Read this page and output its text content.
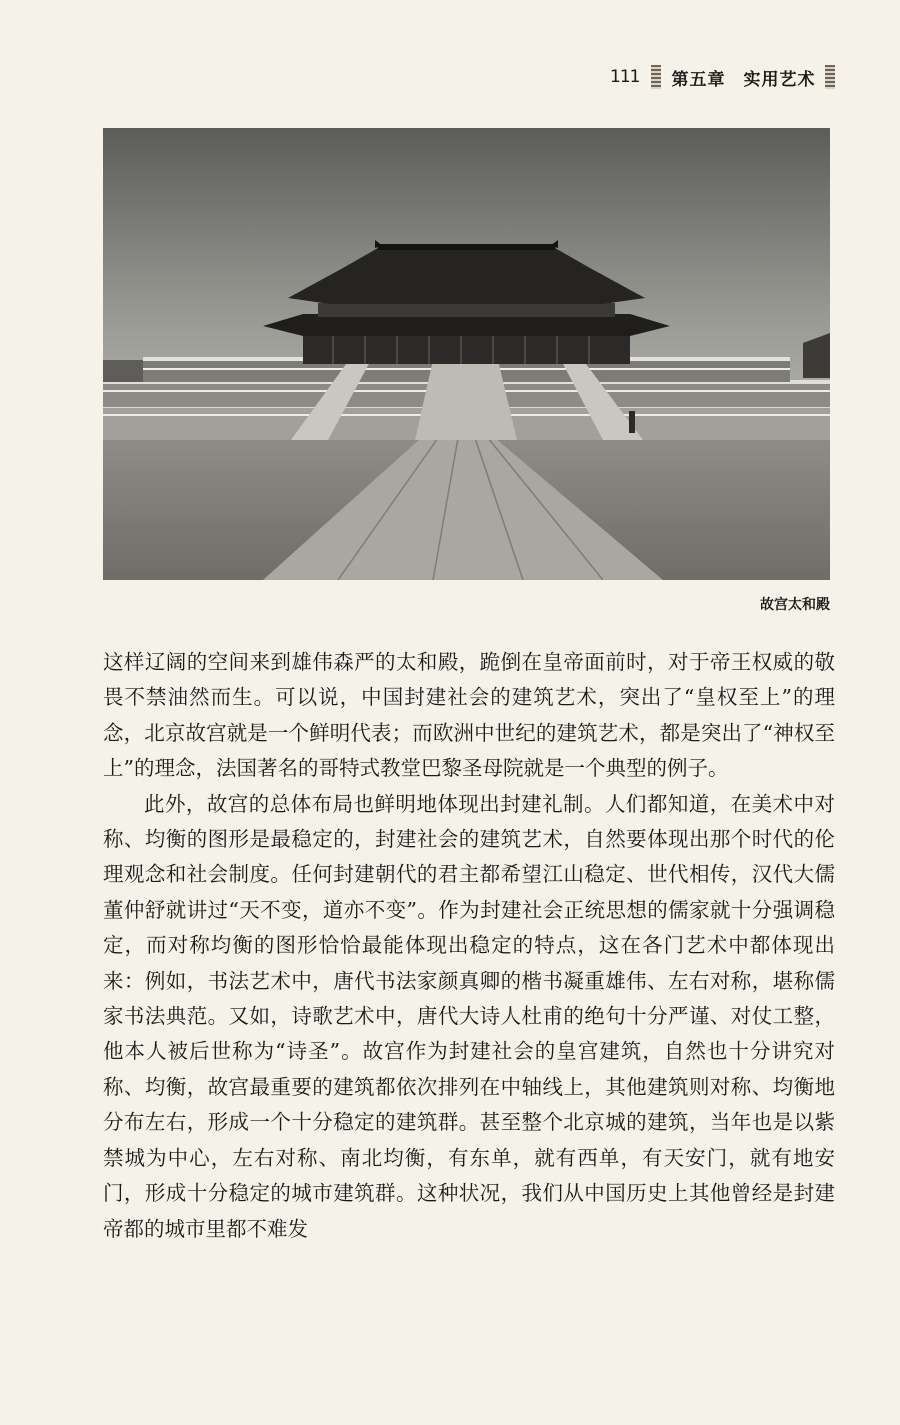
111 第五章　实用艺术
故宫太和殿

这样辽阔的空间来到雄伟森严的太和殿，跪倒在皇帝面前时，对于帝王权威的敬畏不禁油然而生。可以说，中国封建社会的建筑艺术，突出了“皇权至上”的理念，北京故宫就是一个鲜明代表；而欧洲中世纪的建筑艺术，都是突出了“神权至上”的理念，法国著名的哥特式教堂巴黎圣母院就是一个典型的例子。

此外，故宫的总体布局也鲜明地体现出封建礼制。人们都知道，在美术中对称、均衡的图形是最稳定的，封建社会的建筑艺术，自然要体现出那个时代的伦理观念和社会制度。任何封建朝代的君主都希望江山稳定、世代相传，汉代大儒董仲舒就讲过“天不变，道亦不变”。作为封建社会正统思想的儒家就十分强调稳定，而对称均衡的图形恰恰最能体现出稳定的特点，这在各门艺术中都体现出来：例如，书法艺术中，唐代书法家颜真卿的楷书凝重雄伟、左右对称，堪称儒家书法典范。又如，诗歌艺术中，唐代大诗人杜甫的绝句十分严谨、对仗工整，他本人被后世称为“诗圣”。故宫作为封建社会的皇宫建筑，自然也十分讲究对称、均衡，故宫最重要的建筑都依次排列在中轴线上，其他建筑则对称、均衡地分布左右，形成一个十分稳定的建筑群。甚至整个北京城的建筑，当年也是以紫禁城为中心，左右对称、南北均衡，有东单，就有西单，有天安门，就有地安门，形成十分稳定的城市建筑群。这种状况，我们从中国历史上其他曾经是封建帝都的城市里都不难发
